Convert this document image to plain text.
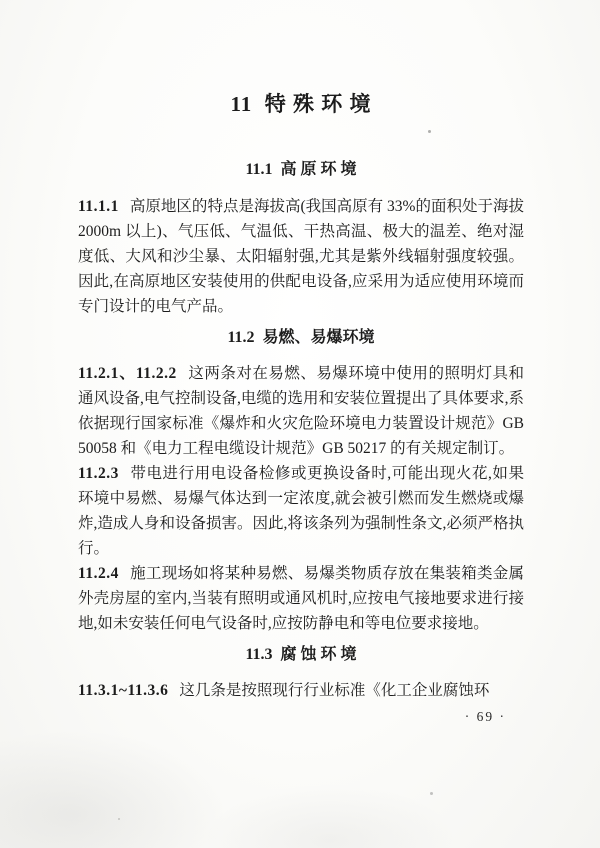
11  特 殊 环 境
11.1  高 原 环 境

11.1.1 高原地区的特点是海拔高(我国高原有 33%的面积处于海拔 2000m 以上)、气压低、气温低、干热高温、极大的温差、绝对湿度低、大风和沙尘暴、太阳辐射强,尤其是紫外线辐射强度较强。因此,在高原地区安装使用的供配电设备,应采用为适应使用环境而专门设计的电气产品。

11.2  易燃、易爆环境

11.2.1、11.2.2 这两条对在易燃、易爆环境中使用的照明灯具和通风设备,电气控制设备,电缆的选用和安装位置提出了具体要求,系依据现行国家标准《爆炸和火灾危险环境电力装置设计规范》GB 50058 和《电力工程电缆设计规范》GB 50217 的有关规定制订。

11.2.3 带电进行用电设备检修或更换设备时,可能出现火花,如果环境中易燃、易爆气体达到一定浓度,就会被引燃而发生燃烧或爆炸,造成人身和设备损害。因此,将该条列为强制性条文,必须严格执行。

11.2.4 施工现场如将某种易燃、易爆类物质存放在集装箱类金属外壳房屋的室内,当装有照明或通风机时,应按电气接地要求进行接地,如未安装任何电气设备时,应按防静电和等电位要求接地。

11.3  腐 蚀 环 境

11.3.1~11.3.6 这几条是按照现行行业标准《化工企业腐蚀环

· 69 ·
